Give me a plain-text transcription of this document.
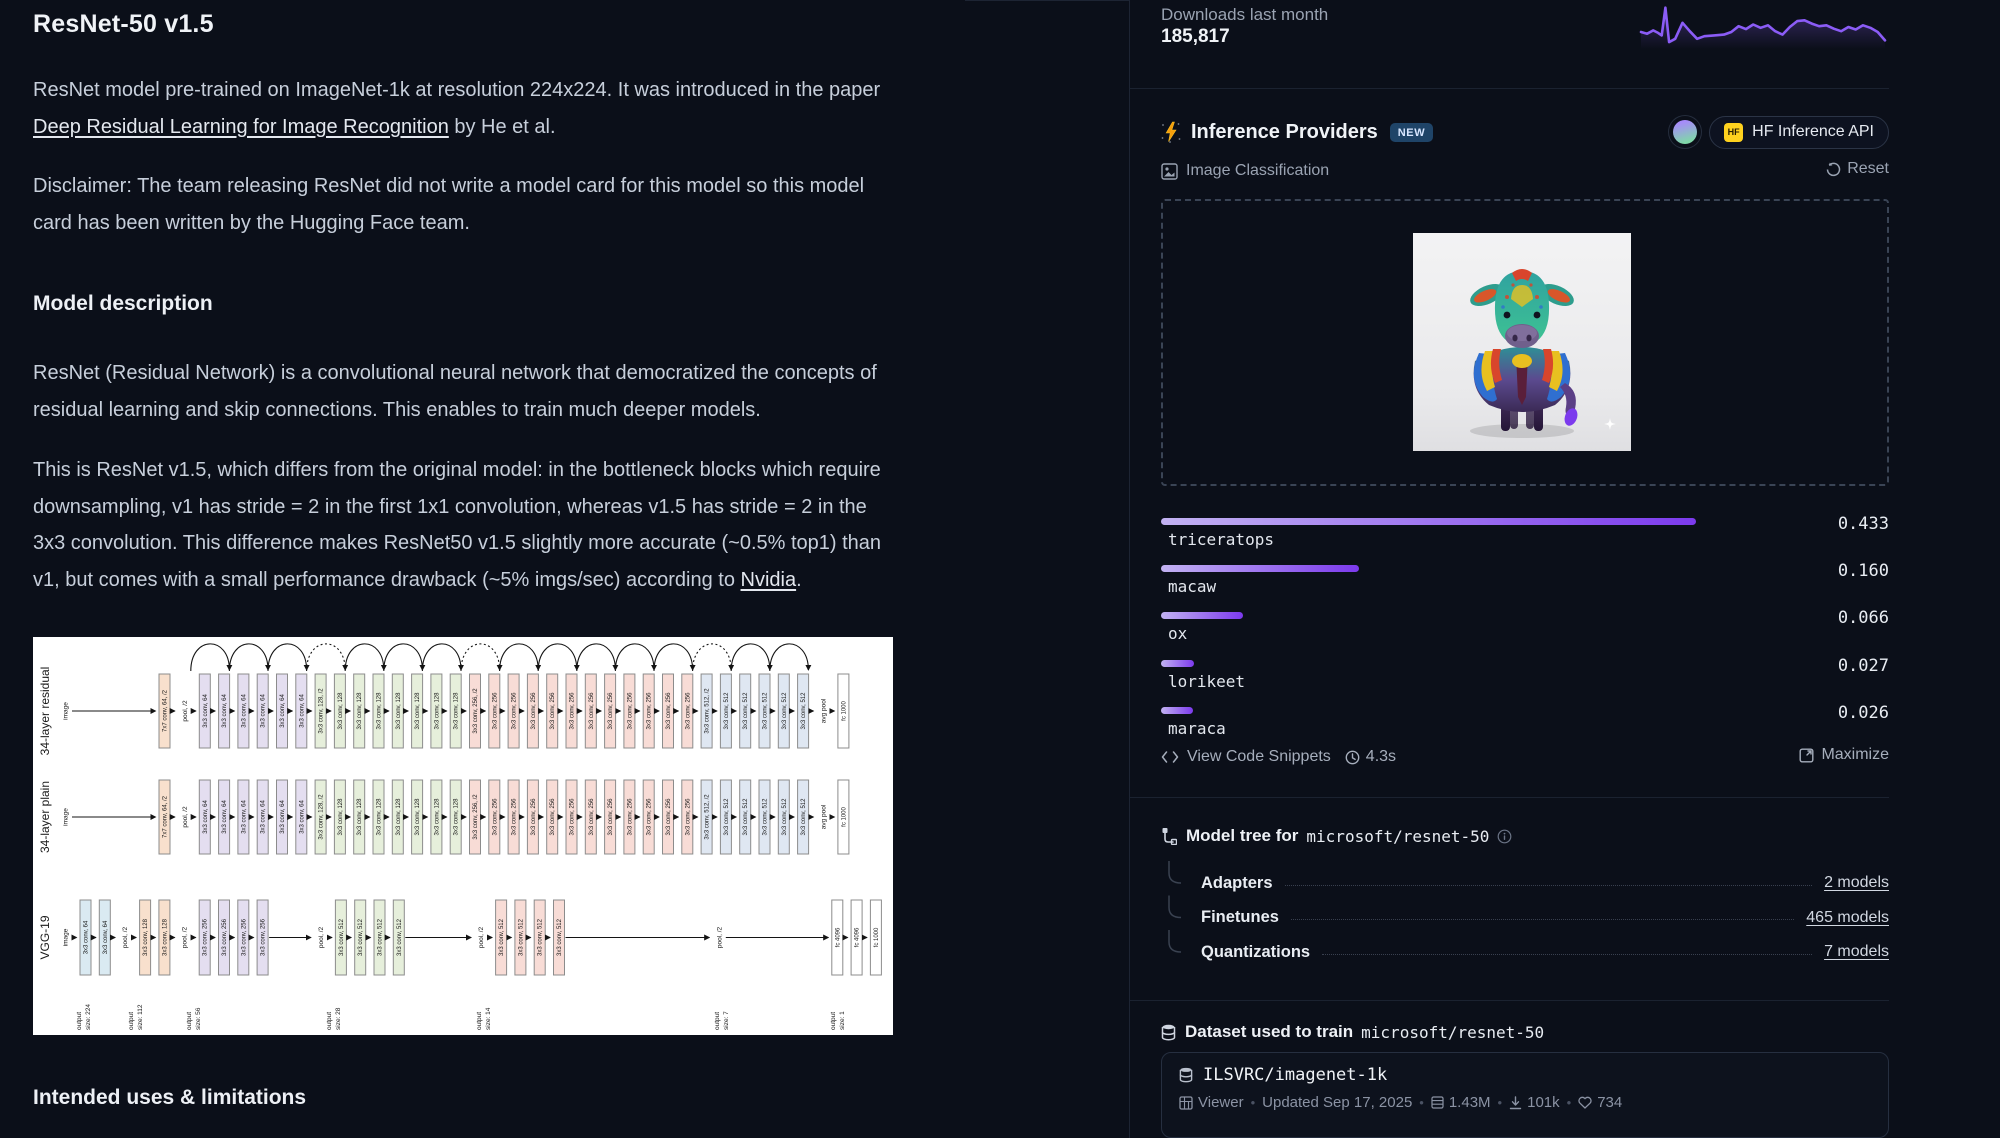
ResNet-50 v1.5

ResNet model pre-trained on ImageNet-1k at resolution 224x224. It was introduced in the paper Deep Residual Learning for Image Recognition by He et al.

Disclaimer: The team releasing ResNet did not write a model card for this model so this model card has been written by the Hugging Face team.

Model description

ResNet (Residual Network) is a convolutional neural network that democratized the concepts of residual learning and skip connections. This enables to train much deeper models.

This is ResNet v1.5, which differs from the original model: in the bottleneck blocks which require downsampling, v1 has stride = 2 in the first 1x1 convolution, whereas v1.5 has stride = 2 in the 3x3 convolution. This difference makes ResNet50 v1.5 slightly more accurate (~0.5% top1) than v1, but comes with a small performance drawback (~5% imgs/sec) according to Nvidia.

34-layer residual image	7x7 conv, 64, /2 pool, /2 3x3 conv, 64 3x3 conv, 64 3x3 conv, 64 3x3 conv, 64 3x3 conv, 64 3x3 conv, 64 3x3 conv, 128, /2 3x3 conv, 128 3x3 conv, 128 3x3 conv, 128 3x3 conv, 128 3x3 conv, 128 3x3 conv, 128 3x3 conv, 128 3x3 conv, 256, /2 3x3 conv, 256 3x3 conv, 256 3x3 conv, 256 3x3 conv, 256 3x3 conv, 256 3x3 conv, 256 3x3 conv, 256 3x3 conv, 256 3x3 conv, 256 3x3 conv, 256 3x3 conv, 256 3x3 conv, 512, /2 3x3 conv, 512 3x3 conv, 512 3x3 conv, 512 3x3 conv, 512 3x3 conv, 512 avg pool fc 1000
34-layer plain image	7x7 conv, 64, /2 pool, /2 3x3 conv, 64 3x3 conv, 64 3x3 conv, 64 3x3 conv, 64 3x3 conv, 64 3x3 conv, 64 3x3 conv, 128, /2 3x3 conv, 128 3x3 conv, 128 3x3 conv, 128 3x3 conv, 128 3x3 conv, 128 3x3 conv, 128 3x3 conv, 128 3x3 conv, 256, /2 3x3 conv, 256 3x3 conv, 256 3x3 conv, 256 3x3 conv, 256 3x3 conv, 256 3x3 conv, 256 3x3 conv, 256 3x3 conv, 256 3x3 conv, 256 3x3 conv, 256 3x3 conv, 256 3x3 conv, 512, /2 3x3 conv, 512 3x3 conv, 512 3x3 conv, 512 3x3 conv, 512 3x3 conv, 512 avg pool fc 1000
VGG-19 image 3x3 conv, 64 3x3 conv, 64 pool, /2 3x3 conv, 128 3x3 conv, 128 pool, /2 3x3 conv, 256 3x3 conv, 256 3x3 conv, 256 3x3 conv, 256	pool, /2 3x3 conv, 512 3x3 conv, 512 3x3 conv, 512 3x3 conv, 512	pool, /2 3x3 conv, 512 3x3 conv, 512 3x3 conv, 512 3x3 conv, 512	pool, /2	fc 4096 fc 4096 fc 1000
output size: 224	output size: 112	output size: 56	output size: 28	output size: 14	output size: 7	output size: 1
Intended uses & limitations
Downloads last month
185,817
Inference Providers	NEW	HF HF Inference API
Image Classification	Reset
triceratops
0.433
macaw
0.160
ox
0.066
lorikeet
0.027
maraca
0.026
View Code Snippets 4.3s	Maximize
Model tree for microsoft/resnet-50
Adapters	2 models
Finetunes	465 models
Quantizations	7 models
Dataset used to train microsoft/resnet-50
ILSVRC/imagenet-1k
Viewer • Updated Sep 17, 2025 • 1.43M • 101k • 734
